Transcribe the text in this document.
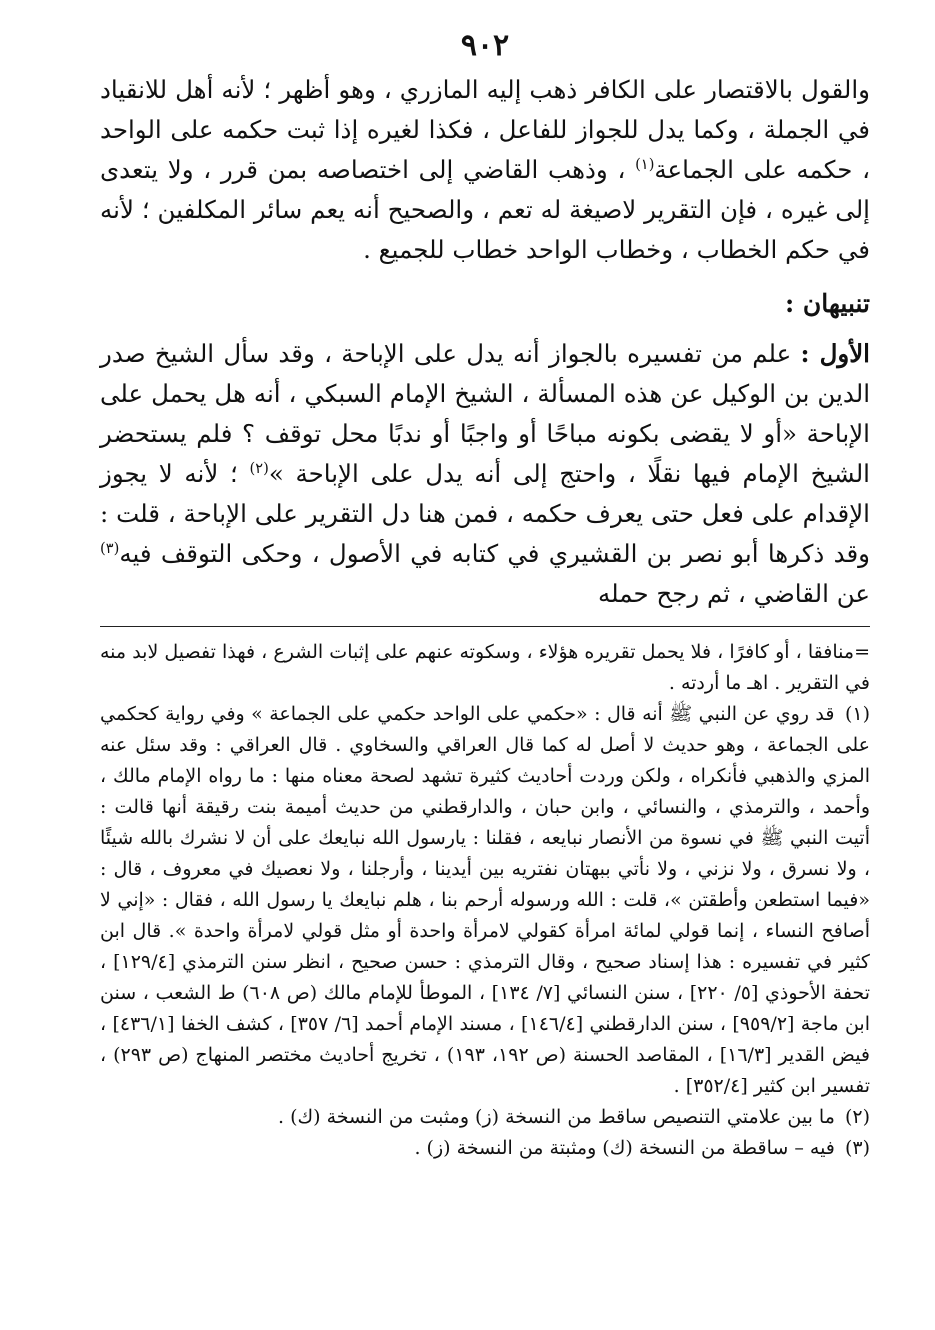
٩٠٢

والقول بالاقتصار على الكافر ذهب إليه المازري ، وهو أظهر ؛ لأنه أهل للانقياد في الجملة ، وكما يدل للجواز للفاعل ، فكذا لغيره إذا ثبت حكمه على الواحد ، حكمه على الجماعة$^{(١)}$ ، وذهب القاضي إلى اختصاصه بمن قرر ، ولا يتعدى إلى غيره ، فإن التقرير لاصيغة له تعم ، والصحيح أنه يعم سائر المكلفين ؛ لأنه في حكم الخطاب ، وخطاب الواحد خطاب للجميع .

تنبيهان :

الأول : علم من تفسيره بالجواز أنه يدل على الإباحة ، وقد سأل الشيخ صدر الدين بن الوكيل عن هذه المسألة ، الشيخ الإمام السبكي ، أنه هل يحمل على الإباحة «أو لا يقضى بكونه مباحًا أو واجبًا أو ندبًا محل توقف ؟ فلم يستحضر الشيخ الإمام فيها نقلًا ، واحتج إلى أنه يدل على الإباحة »$^{(٢)}$ ؛ لأنه لا يجوز الإقدام على فعل حتى يعرف حكمه ، فمن هنا دل التقرير على الإباحة ، قلت : وقد ذكرها أبو نصر بن القشيري في كتابه في الأصول ، وحكى التوقف فيه$^{(٣)}$ عن القاضي ، ثم رجح حمله

=منافقا ، أو كافرًا ، فلا يحمل تقريره هؤلاء ، وسكوته عنهم على إثبات الشرع ، فهذا تفصيل لابد منه في التقرير . اهـ ما أردته .

(١) قد روي عن النبي ﷺ أنه قال : «حكمي على الواحد حكمي على الجماعة » وفي رواية كحكمي على الجماعة ، وهو حديث لا أصل له كما قال العراقي والسخاوي . قال العراقي : وقد سئل عنه المزي والذهبي فأنكراه ، ولكن وردت أحاديث كثيرة تشهد لصحة معناه منها : ما رواه الإمام مالك ، وأحمد ، والترمذي ، والنسائي ، وابن حبان ، والدارقطني من حديث أميمة بنت رقيقة أنها قالت : أتيت النبي ﷺ في نسوة من الأنصار نبايعه ، فقلنا : يارسول الله نبايعك على أن لا نشرك بالله شيئًا ، ولا نسرق ، ولا نزني ، ولا نأتي ببهتان نفتريه بين أيدينا ، وأرجلنا ، ولا نعصيك في معروف ، قال : «فيما استطعن وأطقتن »، قلت : الله ورسوله أرحم بنا ، هلم نبايعك يا رسول الله ، فقال : «إني لا أصافح النساء ، إنما قولي لمائة امرأة كقولي لامرأة واحدة أو مثل قولي لامرأة واحدة ». قال ابن كثير في تفسيره : هذا إسناد صحيح ، وقال الترمذي : حسن صحيح ، انظر سنن الترمذي [١٢٩/٤] ، تحفة الأحوذي [٥/ ٢٢٠] ، سنن النسائي [٧/ ١٣٤] ، الموطأ للإمام مالك (ص ٦٠٨) ط الشعب ، سنن ابن ماجة [٩٥٩/٢] ، سنن الدارقطني [١٤٦/٤] ، مسند الإمام أحمد [٦/ ٣٥٧] ، كشف الخفا [٤٣٦/١] ، فيض القدير [١٦/٣] ، المقاصد الحسنة (ص ١٩٢، ١٩٣) ، تخريج أحاديث مختصر المنهاج (ص ٢٩٣) ، تفسير ابن كثير [٣٥٢/٤] .

(٢) ما بين علامتي التنصيص ساقط من النسخة (ز) ومثبت من النسخة (ك) .

(٣) فيه – ساقطة من النسخة (ك) ومثبتة من النسخة (ز) .
